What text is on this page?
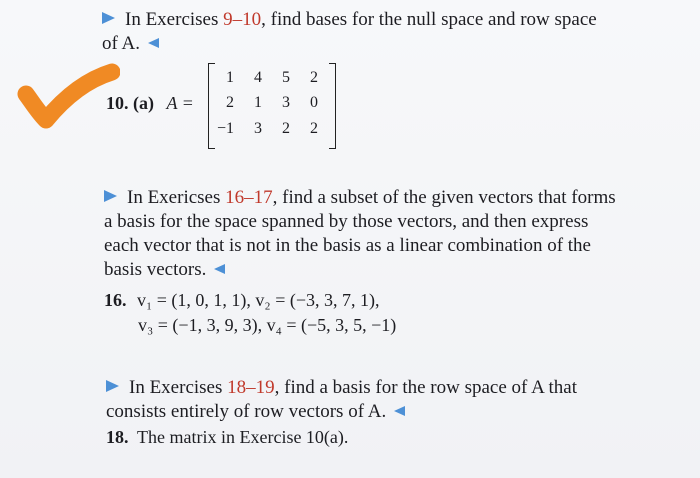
In Exercises 9–10, find bases for the null space and row space
of A.
10. (a) A =
1	4	5	2
2	1	3	0
−1	3	2	2
In Exericses 16–17, find a subset of the given vectors that forms
a basis for the space spanned by those vectors, and then express
each vector that is not in the basis as a linear combination of the
basis vectors.
16. v₁ = (1, 0, 1, 1), v₂ = (−3, 3, 7, 1),
v₃ = (−1, 3, 9, 3), v₄ = (−5, 3, 5, −1)
In Exercises 18–19, find a basis for the row space of A that
consists entirely of row vectors of A.
18. The matrix in Exercise 10(a).
